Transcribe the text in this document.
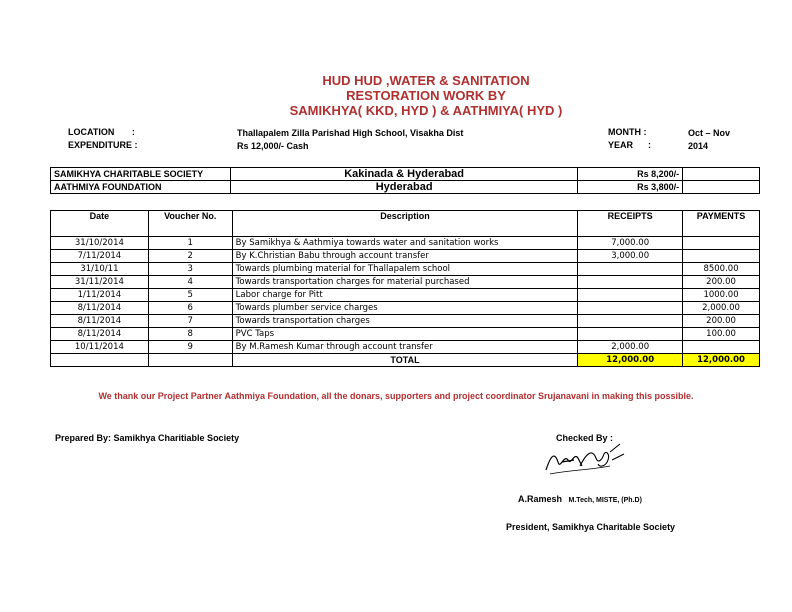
HUD HUD ,WATER & SANITATION
RESTORATION WORK BY
SAMIKHYA( KKD, HYD ) & AATHMIYA( HYD )
LOCATION       :	Thallapalem Zilla Parishad High School, Visakha Dist
EXPENDITURE :	Rs 12,000/- Cash
MONTH :	Oct – Nov
YEAR      :	2014
SAMIKHYA CHARITABLE SOCIETY	Kakinada & Hyderabad	Rs 8,200/-	
AATHMIYA FOUNDATION	Hyderabad	Rs 3,800/-	
Date	Voucher No.	Description	RECEIPTS	PAYMENTS
31/10/2014	1	By Samikhya & Aathmiya towards water and sanitation works	7,000.00	
7/11/2014	2	By K.Christian Babu through account transfer	3,000.00	
31/10/11	3	Towards plumbing material for Thallapalem school		8500.00
31/11/2014	4	Towards transportation charges for material purchased		200.00
1/11/2014	5	Labor charge for Pitt		1000.00
8/11/2014	6	Towards plumber service charges		2,000.00
8/11/2014	7	Towards transportation charges		200.00
8/11/2014	8	PVC Taps		100.00
10/11/2014	9	By M.Ramesh Kumar through account transfer	2,000.00	
		TOTAL	12,000.00	12,000.00
We thank our Project Partner Aathmiya Foundation, all the donars, supporters and project coordinator Srujanavani in making this possible.
Prepared By: Samikhya Charitiable Society	Checked By :
A.Ramesh M.Tech, MISTE, (Ph.D)
President, Samikhya Charitable Society
